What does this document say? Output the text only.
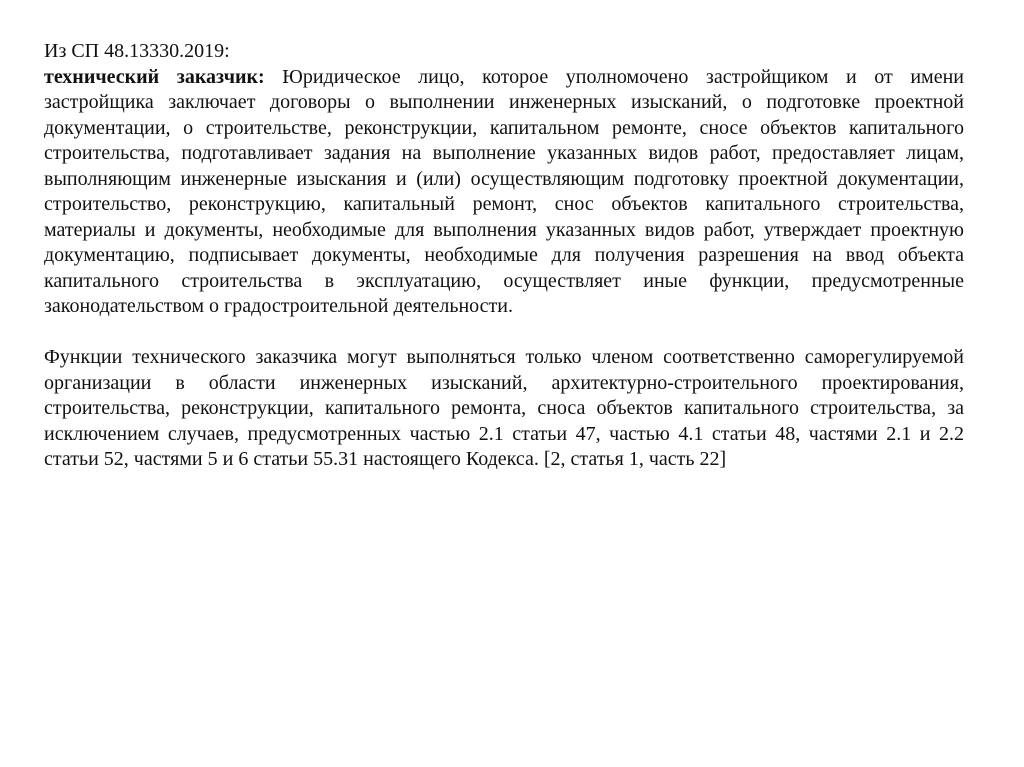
Из СП 48.13330.2019:

технический заказчик: Юридическое лицо, которое уполномочено застройщиком и от имени застройщика заключает договоры о выполнении инженерных изысканий, о подготовке проектной документации, о строительстве, реконструкции, капитальном ремонте, сносе объектов капитального строительства, подготавливает задания на выполнение указанных видов работ, предоставляет лицам, выполняющим инженерные изыскания и (или) осуществляющим подготовку проектной документации, строительство, реконструкцию, капитальный ремонт, снос объектов капитального строительства, материалы и документы, необходимые для выполнения указанных видов работ, утверждает проектную документацию, подписывает документы, необходимые для получения разрешения на ввод объекта капитального строительства в эксплуатацию, осуществляет иные функции, предусмотренные законодательством о градостроительной деятельности.

Функции технического заказчика могут выполняться только членом соответственно саморегулируемой организации в области инженерных изысканий, архитектурно-строительного проектирования, строительства, реконструкции, капитального ремонта, сноса объектов капитального строительства, за исключением случаев, предусмотренных частью 2.1 статьи 47, частью 4.1 статьи 48, частями 2.1 и 2.2 статьи 52, частями 5 и 6 статьи 55.31 настоящего Кодекса. [2, статья 1, часть 22]
